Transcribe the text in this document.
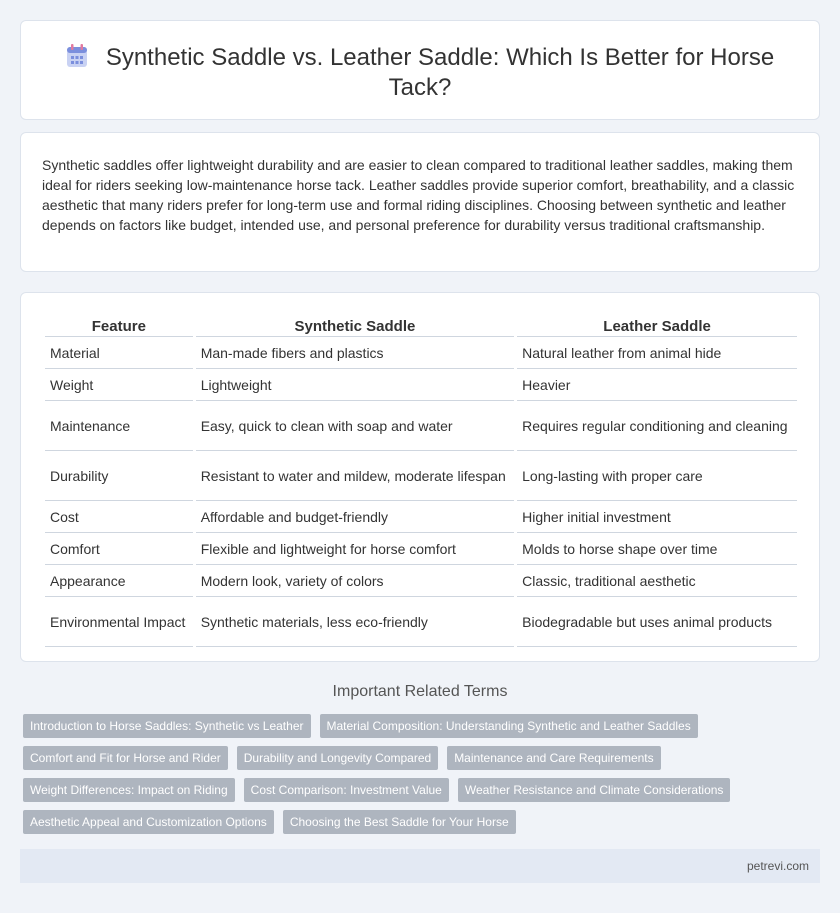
Synthetic Saddle vs. Leather Saddle: Which Is Better for Horse Tack?

Synthetic saddles offer lightweight durability and are easier to clean compared to traditional leather saddles, making them ideal for riders seeking low-maintenance horse tack. Leather saddles provide superior comfort, breathability, and a classic aesthetic that many riders prefer for long-term use and formal riding disciplines. Choosing between synthetic and leather depends on factors like budget, intended use, and personal preference for durability versus traditional craftsmanship.

Feature	Synthetic Saddle	Leather Saddle
Material	Man-made fibers and plastics	Natural leather from animal hide
Weight	Lightweight	Heavier
Maintenance	Easy, quick to clean with soap and water	Requires regular conditioning and cleaning
Durability	Resistant to water and mildew, moderate lifespan	Long-lasting with proper care
Cost	Affordable and budget-friendly	Higher initial investment
Comfort	Flexible and lightweight for horse comfort	Molds to horse shape over time
Appearance	Modern look, variety of colors	Classic, traditional aesthetic
Environmental Impact	Synthetic materials, less eco-friendly	Biodegradable but uses animal products
Important Related Terms
Introduction to Horse Saddles: Synthetic vs Leather	Material Composition: Understanding Synthetic and Leather Saddles
Comfort and Fit for Horse and Rider	Durability and Longevity Compared	Maintenance and Care Requirements
Weight Differences: Impact on Riding	Cost Comparison: Investment Value	Weather Resistance and Climate Considerations
Aesthetic Appeal and Customization Options	Choosing the Best Saddle for Your Horse
petrevi.com
